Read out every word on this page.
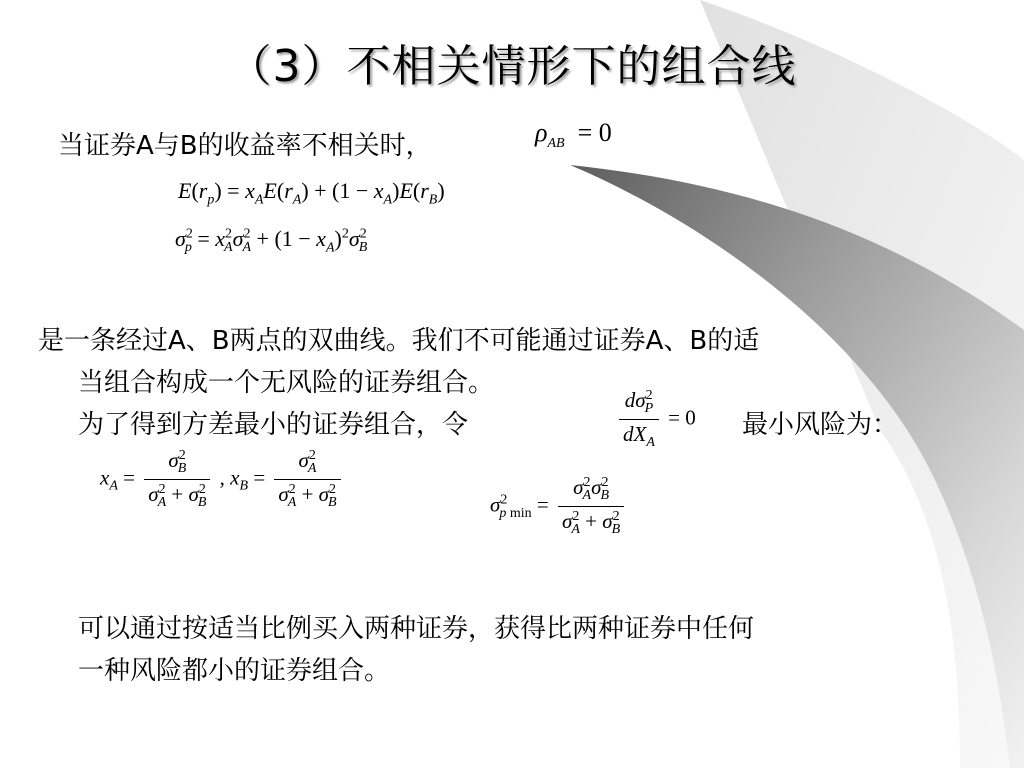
（3）不相关情形下的组合线
当证券A与B的收益率不相关时，	$\rho_{AB} = 0$
$E(r_p) = x_AE(r_A) + (1 - x_A)E(r_B)$
$\sigma^2_p = x^2_A\sigma^2_A + (1 - x_A)^2\sigma^2_B$
是一条经过A、B两点的双曲线。我们不可能通过证券A、B的适
当组合构成一个无风险的证券组合。
为了得到方差最小的证券组合，令	$\frac{d\sigma^2_P}{dX_A} = 0$ 最小风险为：
$x_A = \frac{\sigma^2_B}{\sigma^2_A + \sigma^2_B}$ , $x_B = \frac{\sigma^2_A}{\sigma^2_A + \sigma^2_B}$	$\sigma^2_{p min} = \frac{\sigma^2_A\sigma^2_B}{\sigma^2_A + \sigma^2_B}$
可以通过按适当比例买入两种证券，获得比两种证券中任何
一种风险都小的证券组合。
